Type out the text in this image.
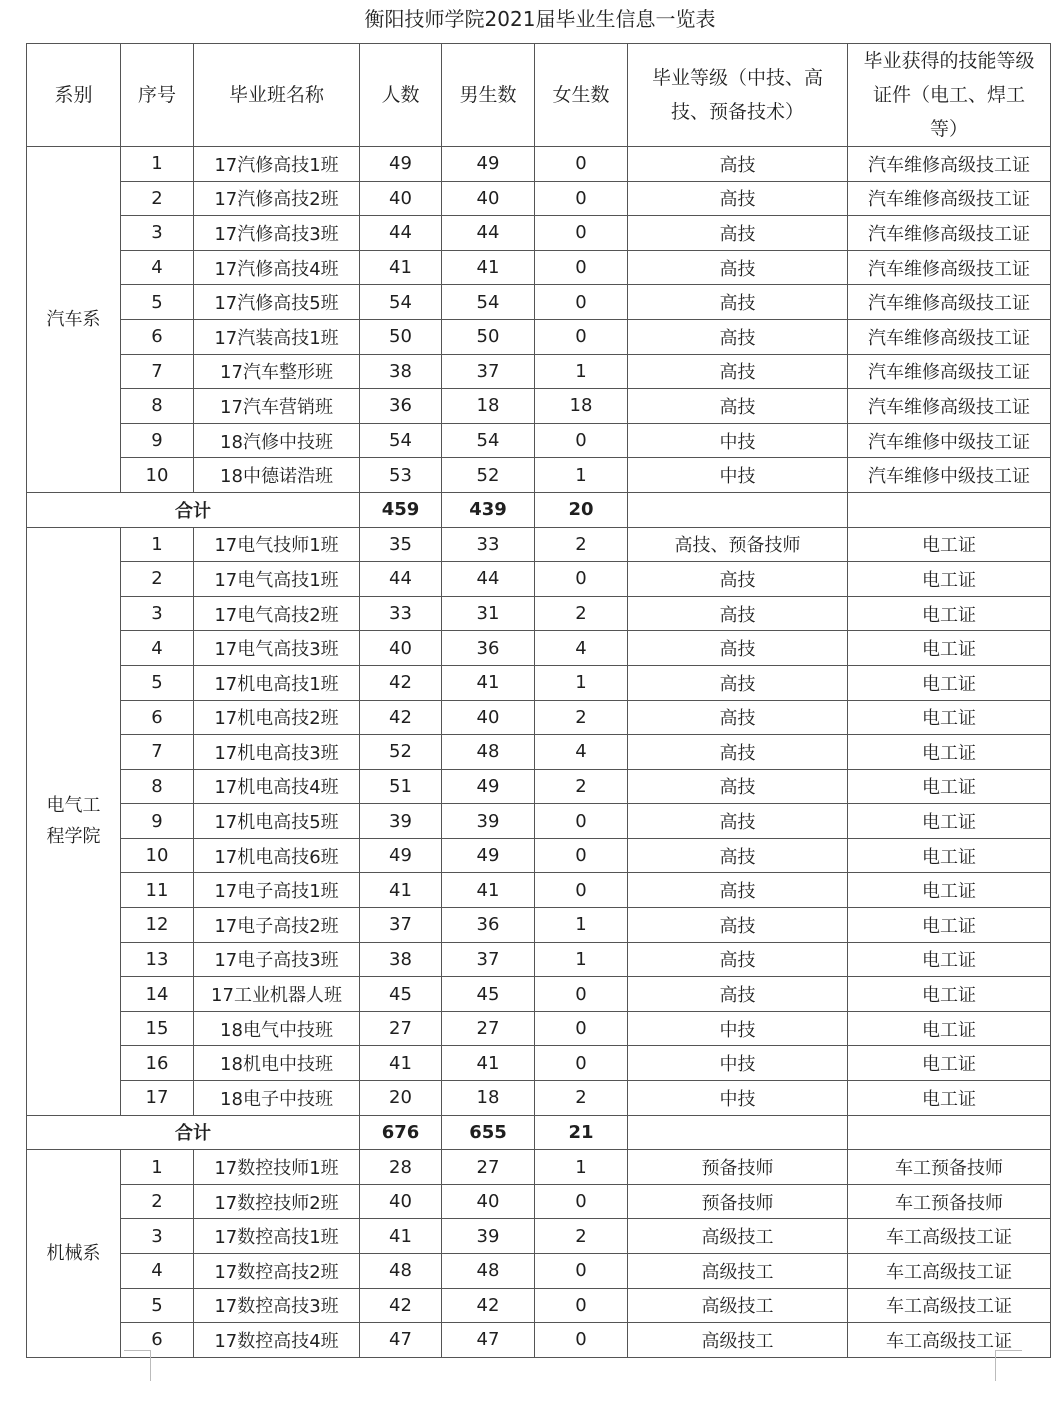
衡阳技师学院2021届毕业生信息一览表
系别	序号	毕业班名称	人数	男生数	女生数	毕业等级（中技、高技、预备技术）	毕业获得的技能等级证件（电工、焊工等）
汽车系	1	17汽修高技1班	49	49	0	高技	汽车维修高级技工证
	2	17汽修高技2班	40	40	0	高技	汽车维修高级技工证
	3	17汽修高技3班	44	44	0	高技	汽车维修高级技工证
	4	17汽修高技4班	41	41	0	高技	汽车维修高级技工证
	5	17汽修高技5班	54	54	0	高技	汽车维修高级技工证
	6	17汽装高技1班	50	50	0	高技	汽车维修高级技工证
	7	17汽车整形班	38	37	1	高技	汽车维修高级技工证
	8	17汽车营销班	36	18	18	高技	汽车维修高级技工证
	9	18汽修中技班	54	54	0	中技	汽车维修中级技工证
	10	18中德诺浩班	53	52	1	中技	汽车维修中级技工证
合计			459	439	20		
电气工程学院	1	17电气技师1班	35	33	2	高技、预备技师	电工证
	2	17电气高技1班	44	44	0	高技	电工证
	3	17电气高技2班	33	31	2	高技	电工证
	4	17电气高技3班	40	36	4	高技	电工证
	5	17机电高技1班	42	41	1	高技	电工证
	6	17机电高技2班	42	40	2	高技	电工证
	7	17机电高技3班	52	48	4	高技	电工证
	8	17机电高技4班	51	49	2	高技	电工证
	9	17机电高技5班	39	39	0	高技	电工证
	10	17机电高技6班	49	49	0	高技	电工证
	11	17电子高技1班	41	41	0	高技	电工证
	12	17电子高技2班	37	36	1	高技	电工证
	13	17电子高技3班	38	37	1	高技	电工证
	14	17工业机器人班	45	45	0	高技	电工证
	15	18电气中技班	27	27	0	中技	电工证
	16	18机电中技班	41	41	0	中技	电工证
	17	18电子中技班	20	18	2	中技	电工证
合计			676	655	21		
机械系	1	17数控技师1班	28	27	1	预备技师	车工预备技师
	2	17数控技师2班	40	40	0	预备技师	车工预备技师
	3	17数控高技1班	41	39	2	高级技工	车工高级技工证
	4	17数控高技2班	48	48	0	高级技工	车工高级技工证
	5	17数控高技3班	42	42	0	高级技工	车工高级技工证
	6	17数控高技4班	47	47	0	高级技工	车工高级技工证
